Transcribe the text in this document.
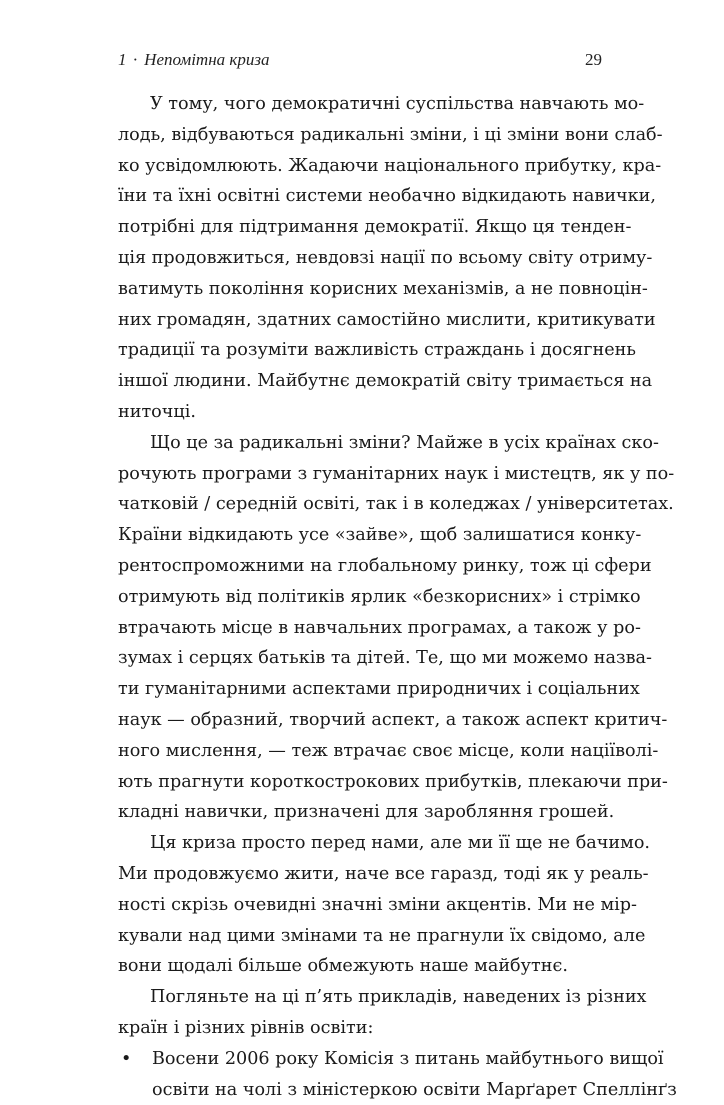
1 · Непомітна криза	29
У тому, чого демократичні суспільства навчають мо-
лодь, відбуваються радикальні зміни, і ці зміни вони слаб-
ко усвідомлюють. Жадаючи національного прибутку, кра-
їни та їхні освітні системи необачно відкидають навички,
потрібні для підтримання демократії. Якщо ця тенден-
ція продовжиться, невдовзі нації по всьому світу отриму-
ватимуть покоління корисних механізмів, а не повноцін-
них громадян, здатних самостійно мислити, критикувати
традиції та розуміти важливість страждань і досягнень
іншої людини. Майбутнє демократій світу тримається на
ниточці.
Що це за радикальні зміни? Майже в усіх країнах ско-
рочують програми з гуманітарних наук і мистецтв, як у по-
чатковій / середній освіті, так і в коледжах / університетах.
Країни відкидають усе «зайве», щоб залишатися конку-
рентоспроможними на глобальному ринку, тож ці сфери
отримують від політиків ярлик «безкорисних» і стрімко
втрачають місце в навчальних програмах, а також у ро-
зумах і серцях батьків та дітей. Те, що ми можемо назва-
ти гуманітарними аспектами природничих і соціальних
наук — образний, творчий аспект, а також аспект критич-
ного мислення, — теж втрачає своє місце, коли націїволі-
ють прагнути короткострокових прибутків, плекаючи при-
кладні навички, призначені для заробляння грошей.
Ця криза просто перед нами, але ми її ще не бачимо.
Ми продовжуємо жити, наче все гаразд, тоді як у реаль-
ності скрізь очевидні значні зміни акцентів. Ми не мір-
кували над цими змінами та не прагнули їх свідомо, але
вони щодалі більше обмежують наше майбутнє.
Погляньте на ці п’ять прикладів, наведених із різних
країн і різних рівнів освіти:
• Восени 2006 року Комісія з питань майбутнього вищої
освіти на чолі з міністеркою освіти Марґарет Спеллінґз
